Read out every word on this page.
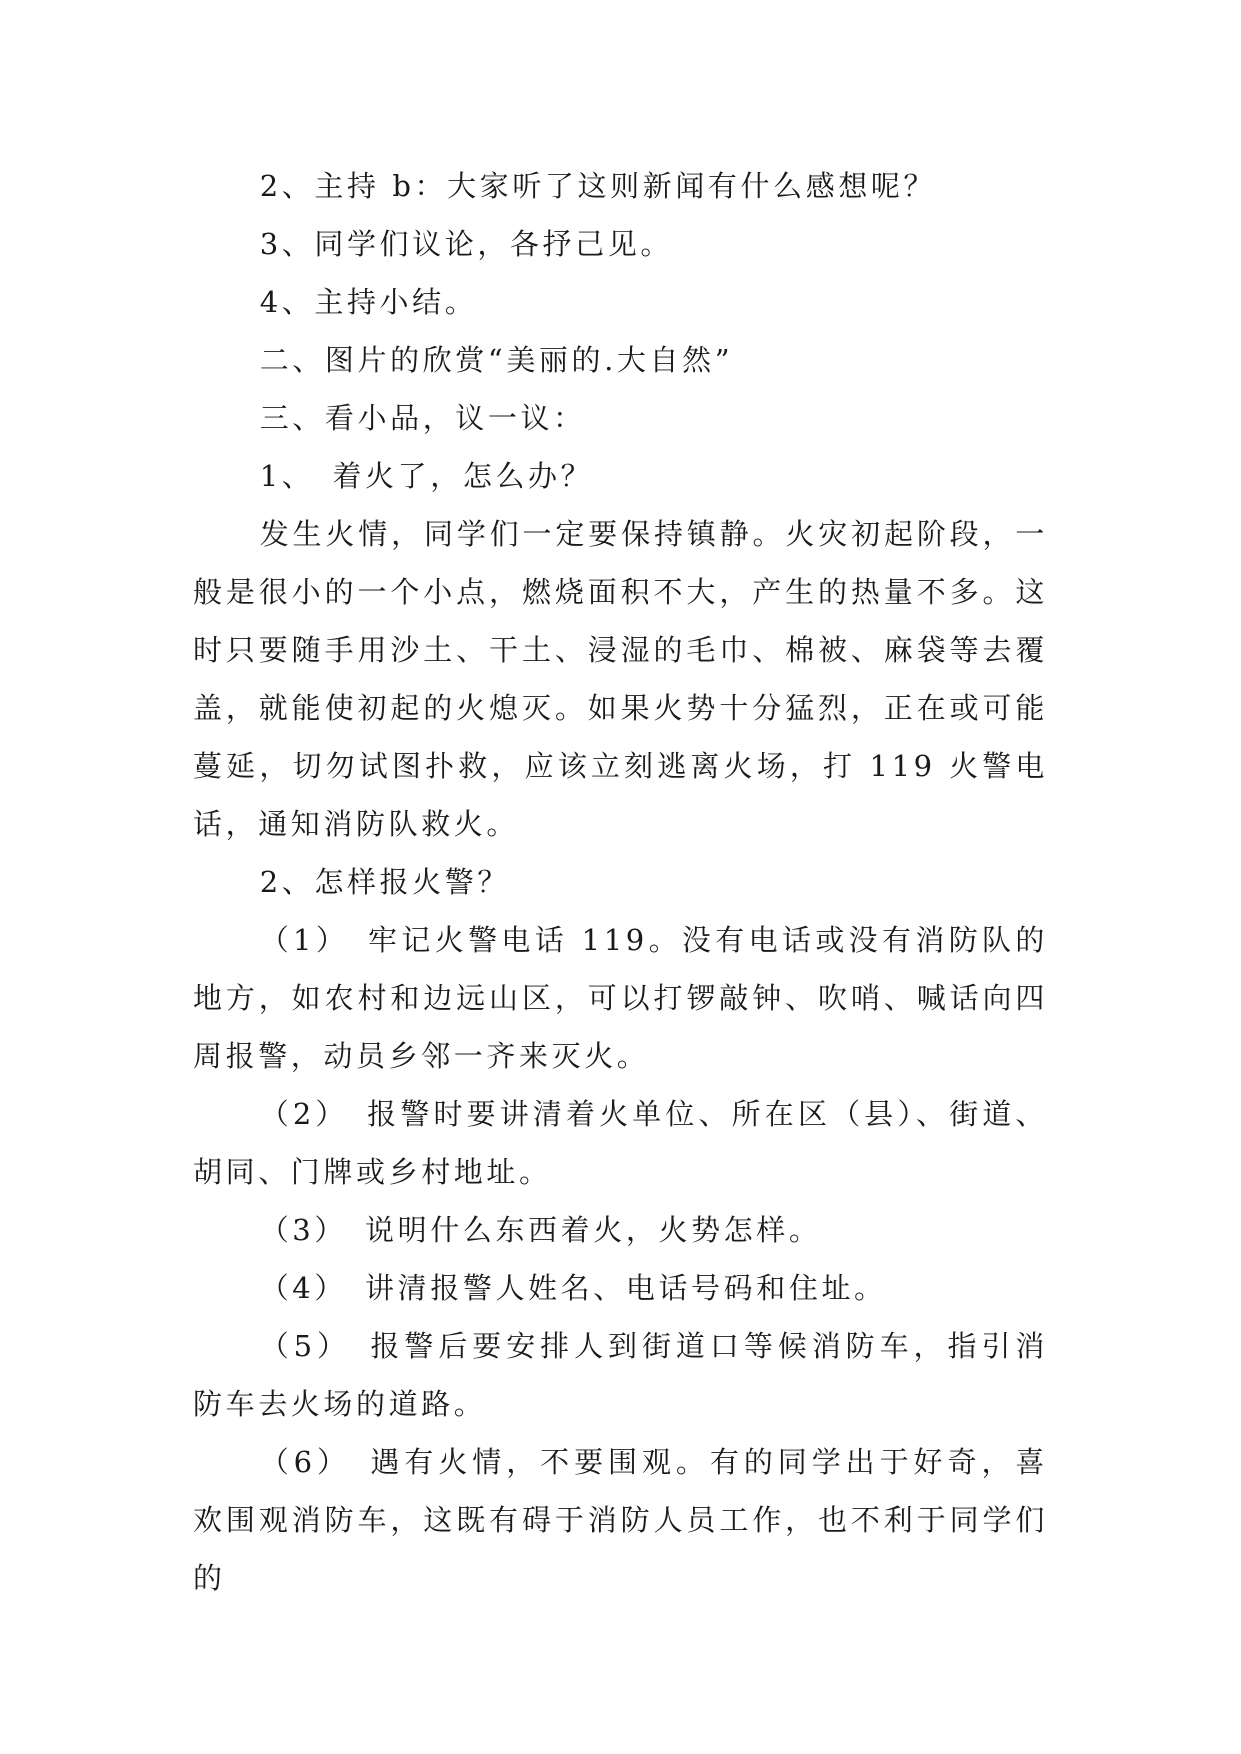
2、主持 b：大家听了这则新闻有什么感想呢？

3、同学们议论，各抒己见。

4、主持小结。

二、图片的欣赏“美丽的.大自然”

三、看小品，议一议：

1、　着火了，怎么办？

发生火情，同学们一定要保持镇静。火灾初起阶段，一般是很小的一个小点，燃烧面积不大，产生的热量不多。这时只要随手用沙土、干土、浸湿的毛巾、棉被、麻袋等去覆盖，就能使初起的火熄灭。如果火势十分猛烈，正在或可能蔓延，切勿试图扑救，应该立刻逃离火场，打 119 火警电话，通知消防队救火。

2、怎样报火警？

（1）　牢记火警电话 119。没有电话或没有消防队的地方，如农村和边远山区，可以打锣敲钟、吹哨、喊话向四周报警，动员乡邻一齐来灭火。

（2）　报警时要讲清着火单位、所在区（县）、街道、胡同、门牌或乡村地址。

（3）　说明什么东西着火，火势怎样。

（4）　讲清报警人姓名、电话号码和住址。

（5）　报警后要安排人到街道口等候消防车，指引消防车去火场的道路。

（6）　遇有火情，不要围观。有的同学出于好奇，喜欢围观消防车，这既有碍于消防人员工作，也不利于同学们的
